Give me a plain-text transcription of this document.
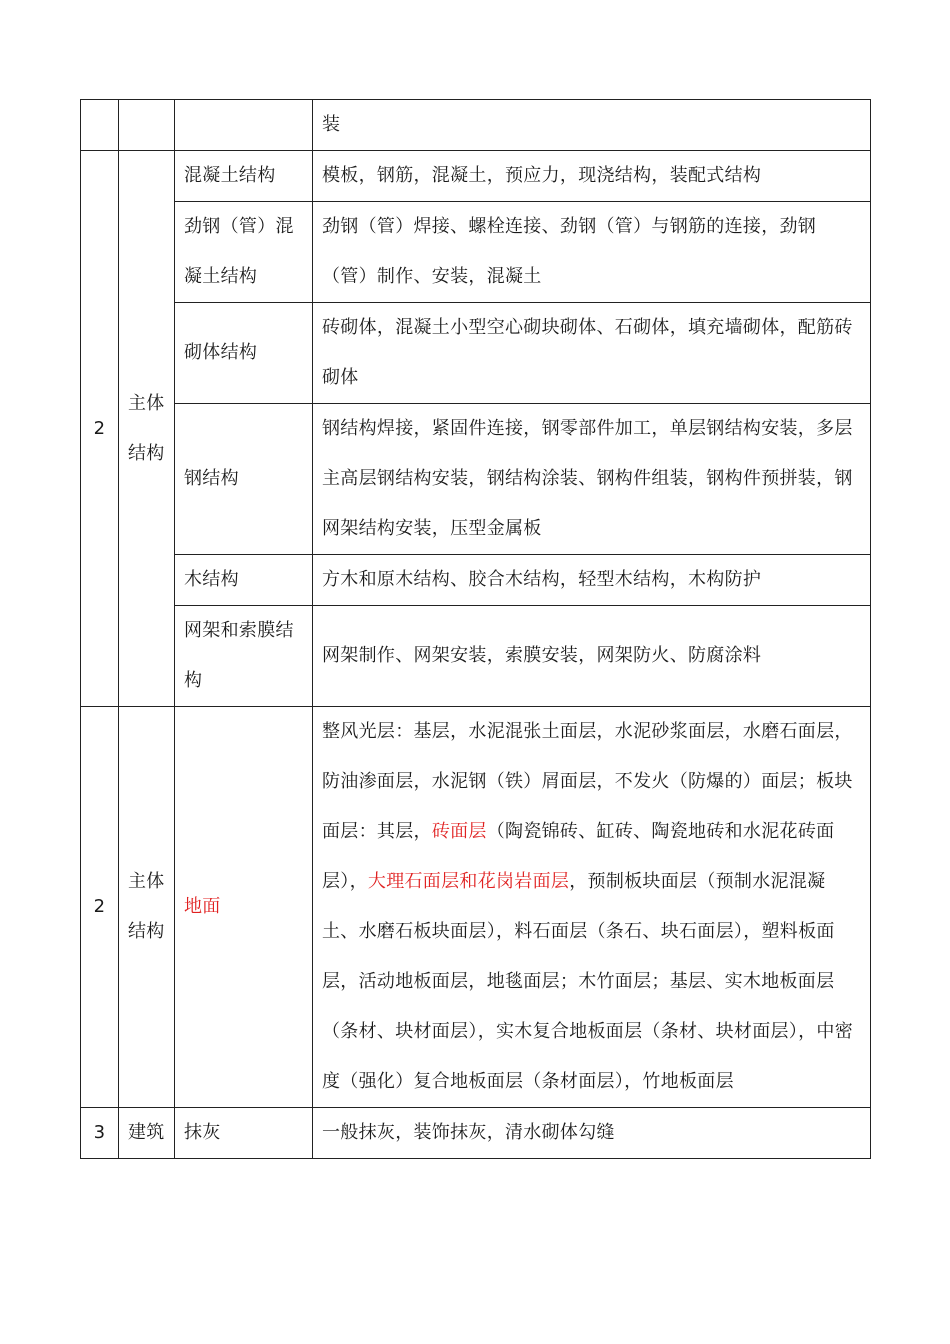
			装
2	主体结构	混凝土结构	模板，钢筋，混凝土，预应力，现浇结构，装配式结构
		劲钢（管）混凝土结构	劲钢（管）焊接、螺栓连接、劲钢（管）与钢筋的连接，劲钢（管）制作、安装，混凝土
		砌体结构	砖砌体，混凝土小型空心砌块砌体、石砌体，填充墙砌体，配筋砖砌体
		钢结构	钢结构焊接，紧固件连接，钢零部件加工，单层钢结构安装，多层主高层钢结构安装，钢结构涂装、钢构件组装，钢构件预拼装，钢网架结构安装，压型金属板
		木结构	方木和原木结构、胶合木结构，轻型木结构，木构防护
		网架和索膜结构	网架制作、网架安装，索膜安装，网架防火、防腐涂料
2	主体结构	地面	整风光层：基层，水泥混张土面层，水泥砂浆面层，水磨石面层，防油渗面层，水泥钢（铁）屑面层，不发火（防爆的）面层；板块面层：其层，砖面层（陶瓷锦砖、缸砖、陶瓷地砖和水泥花砖面层），大理石面层和花岗岩面层，预制板块面层（预制水泥混凝土、水磨石板块面层），料石面层（条石、块石面层），塑料板面层，活动地板面层，地毯面层；木竹面层；基层、实木地板面层（条材、块材面层），实木复合地板面层（条材、块材面层），中密度（强化）复合地板面层（条材面层），竹地板面层
3	建筑	抹灰	一般抹灰，装饰抹灰，清水砌体勾缝
